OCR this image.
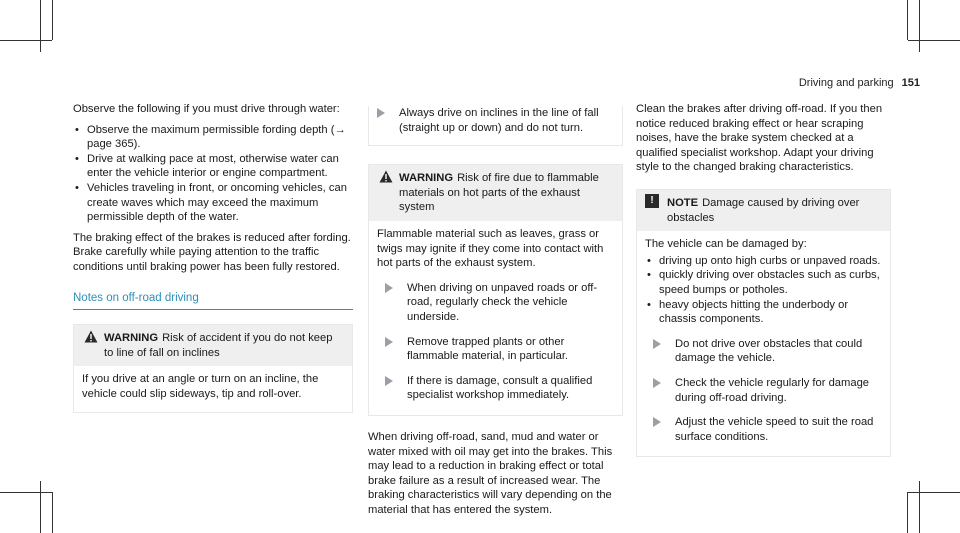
Driving and parking 151

Observe the following if you must drive through water:

• Observe the maximum permissible fording depth (→ page 365).
• Drive at walking pace at most, otherwise water can enter the vehicle interior or engine compartment.
• Vehicles traveling in front, or oncoming vehicles, can create waves which may exceed the maximum permissible depth of the water.

The braking effect of the brakes is reduced after fording. Brake carefully while paying attention to the traffic conditions until braking power has been fully restored.

Notes on off-road driving
WARNING Risk of accident if you do not keep to line of fall on inclines
If you drive at an angle or turn on an incline, the vehicle could slip sideways, tip and roll-over.
Always drive on inclines in the line of fall (straight up or down) and do not turn.
WARNING Risk of fire due to flammable materials on hot parts of the exhaust system
Flammable material such as leaves, grass or twigs may ignite if they come into contact with hot parts of the exhaust system.
When driving on unpaved roads or off-road, regularly check the vehicle underside.
Remove trapped plants or other flammable material, in particular.
If there is damage, consult a qualified specialist workshop immediately.

When driving off-road, sand, mud and water or water mixed with oil may get into the brakes. This may lead to a reduction in braking effect or total brake failure as a result of increased wear. The braking characteristics will vary depending on the material that has entered the system.

Clean the brakes after driving off-road. If you then notice reduced braking effect or hear scraping noises, have the brake system checked at a qualified specialist workshop. Adapt your driving style to the changed braking characteristics.

!	NOTE Damage caused by driving over obstacles
The vehicle can be damaged by:
• driving up onto high curbs or unpaved roads.
• quickly driving over obstacles such as curbs, speed bumps or potholes.
• heavy objects hitting the underbody or chassis components.
Do not drive over obstacles that could damage the vehicle.
Check the vehicle regularly for damage during off-road driving.
Adjust the vehicle speed to suit the road surface conditions.
